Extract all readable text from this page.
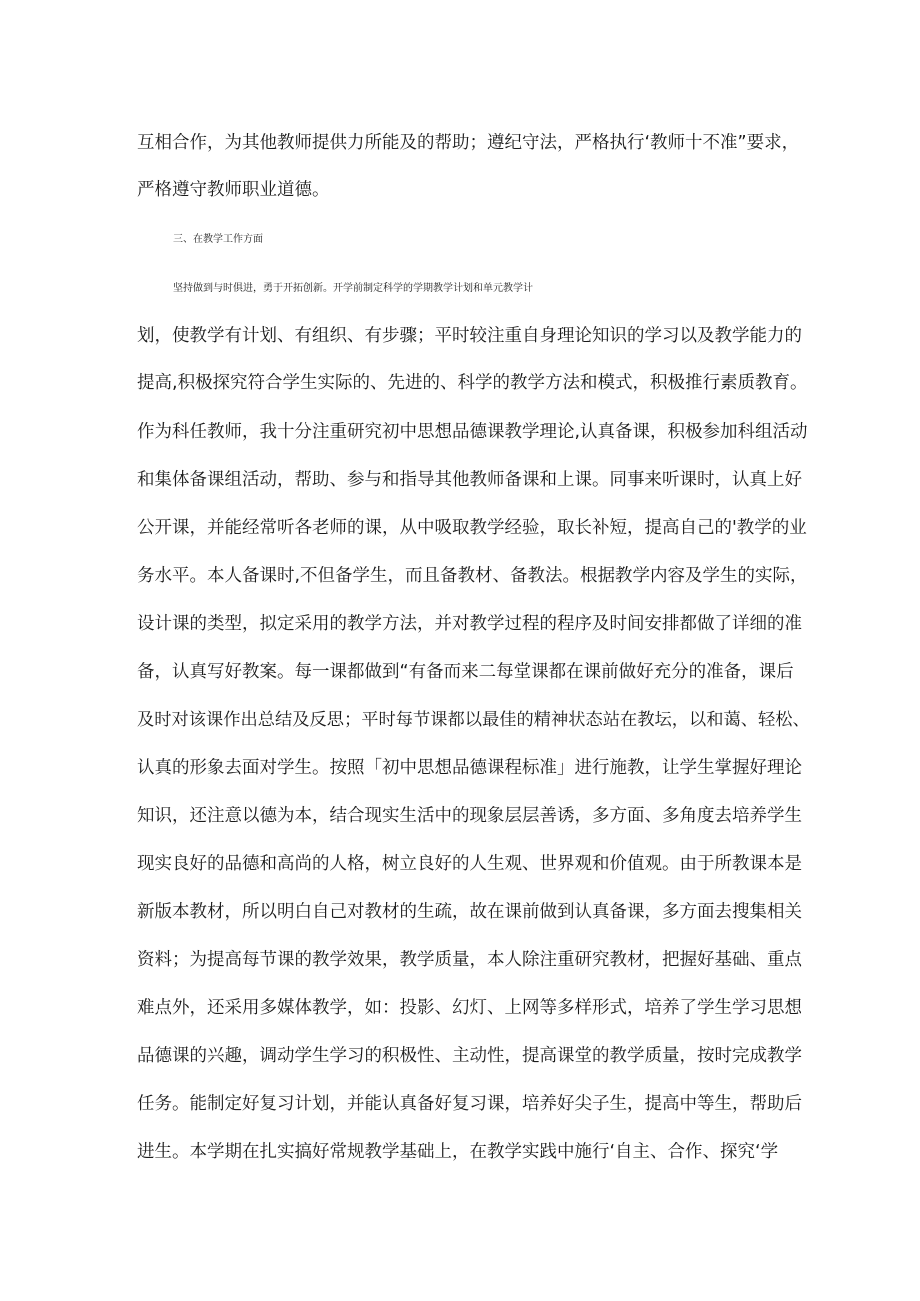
互相合作，为其他教师提供力所能及的帮助；遵纪守法，严格执行‘教师十不准”要求，
严格遵守教师职业道德。
三、在教学工作方面
坚持做到与时俱进，勇于开拓创新。开学前制定科学的学期教学计划和单元教学计
划，使教学有计划、有组织、有步骤；平时较注重自身理论知识的学习以及教学能力的
提高,积极探究符合学生实际的、先进的、科学的教学方法和模式，积极推行素质教育。
作为科任教师，我十分注重研究初中思想品德课教学理论,认真备课，积极参加科组活动
和集体备课组活动，帮助、参与和指导其他教师备课和上课。同事来听课时，认真上好
公开课，并能经常听各老师的课，从中吸取教学经验，取长补短，提高自己的'教学的业
务水平。本人备课时,不但备学生，而且备教材、备教法。根据教学内容及学生的实际，
设计课的类型，拟定采用的教学方法，并对教学过程的程序及时间安排都做了详细的准
备，认真写好教案。每一课都做到“有备而来二每堂课都在课前做好充分的准备，课后
及时对该课作出总结及反思；平时每节课都以最佳的精神状态站在教坛，以和蔼、轻松、
认真的形象去面对学生。按照「初中思想品德课程标准」进行施教，让学生掌握好理论
知识，还注意以德为本，结合现实生活中的现象层层善诱，多方面、多角度去培养学生
现实良好的品德和高尚的人格，树立良好的人生观、世界观和价值观。由于所教课本是
新版本教材，所以明白自己对教材的生疏，故在课前做到认真备课，多方面去搜集相关
资料；为提高每节课的教学效果，教学质量，本人除注重研究教材，把握好基础、重点
难点外，还采用多媒体教学，如：投影、幻灯、上网等多样形式，培养了学生学习思想
品德课的兴趣，调动学生学习的积极性、主动性，提高课堂的教学质量，按时完成教学
任务。能制定好复习计划，并能认真备好复习课，培养好尖子生，提高中等生，帮助后
进生。本学期在扎实搞好常规教学基础上，在教学实践中施行‘自主、合作、探究‘学
